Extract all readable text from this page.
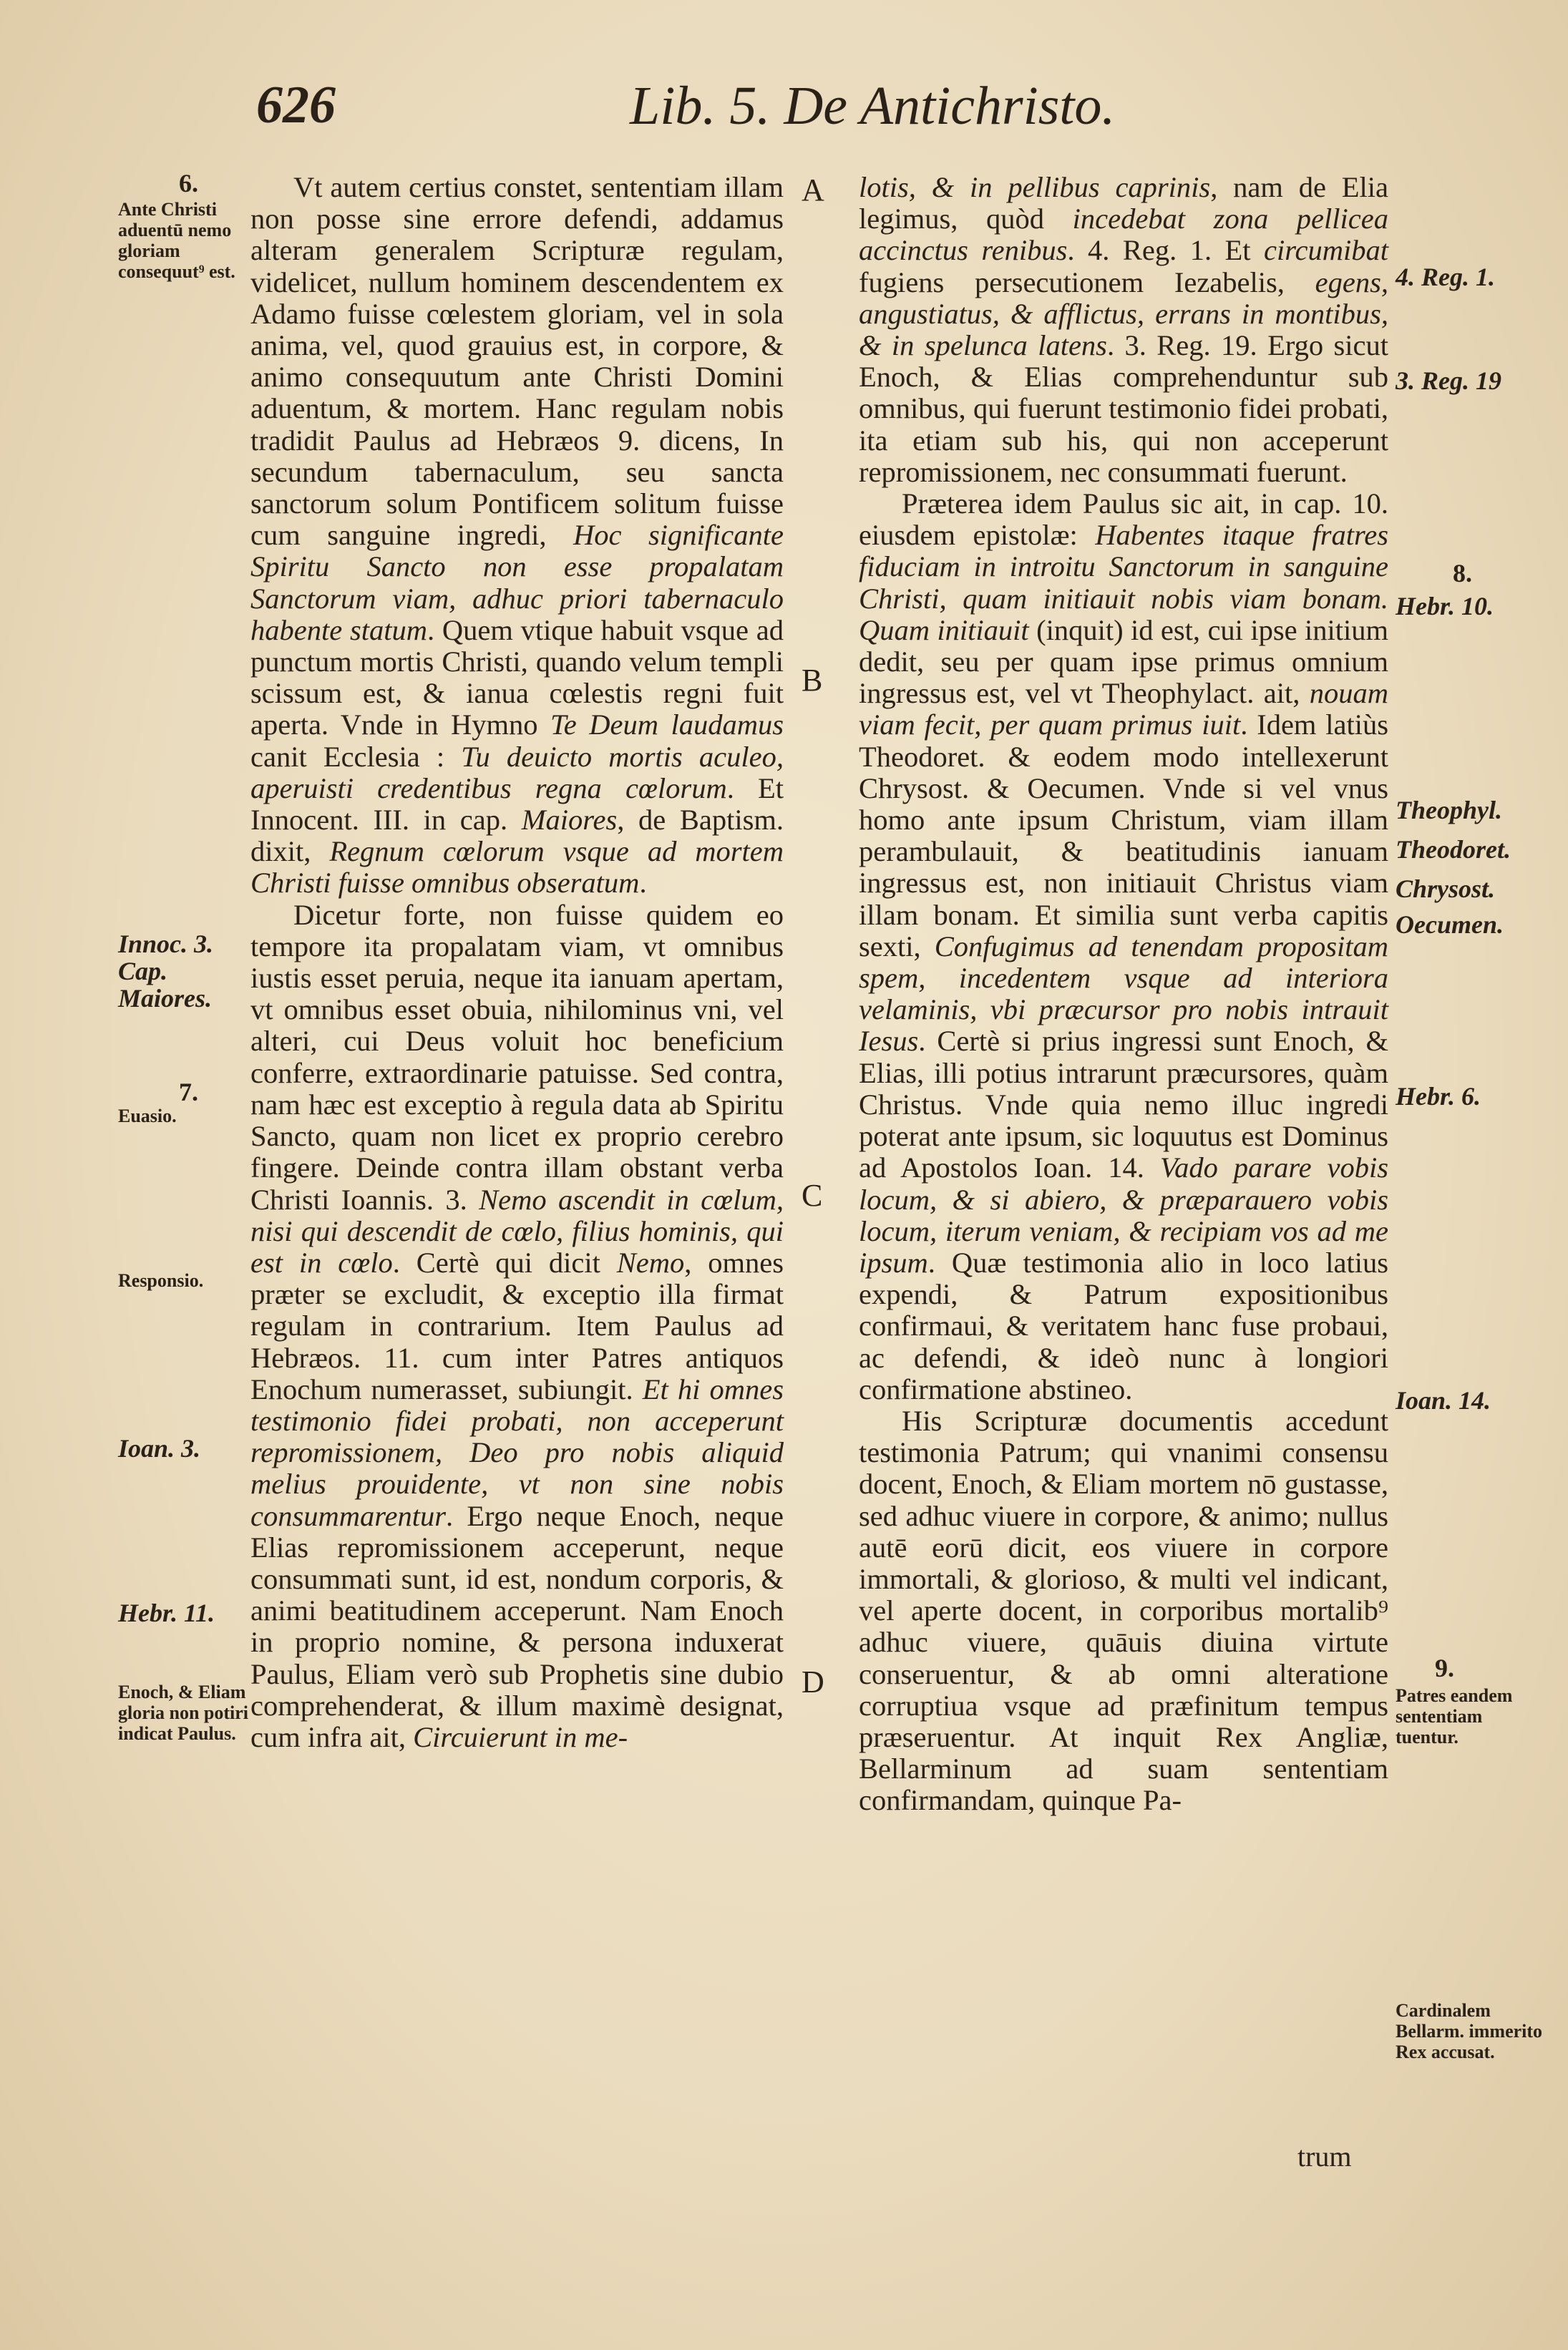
626	Lib. 5. De Antichristo.
A
B
C
D

Vt autem certius constet, sententiam illam non posse sine errore defendi, addamus alteram generalem Scripturæ regulam, videlicet, nullum hominem descendentem ex Adamo fuisse cœlestem gloriam, vel in sola anima, vel, quod grauius est, in corpore, & animo consequutum ante Christi Domini aduentum, & mortem. Hanc regulam nobis tradidit Paulus ad Hebræos 9. dicens, In secundum tabernaculum, seu sancta sanctorum solum Pontificem solitum fuisse cum sanguine ingredi, Hoc significante Spiritu Sancto non esse propalatam Sanctorum viam, adhuc priori tabernaculo habente statum. Quem vtique habuit vsque ad punctum mortis Christi, quando velum templi scissum est, & ianua cœlestis regni fuit aperta. Vnde in Hymno Te Deum laudamus canit Ecclesia : Tu deuicto mortis aculeo, aperuisti credentibus regna cœlorum. Et Innocent. III. in cap. Maiores, de Baptism. dixit, Regnum cœlorum vsque ad mortem Christi fuisse omnibus obseratum.

Dicetur forte, non fuisse quidem eo tempore ita propalatam viam, vt omnibus iustis esset peruia, neque ita ianuam apertam, vt omnibus esset obuia, nihilominus vni, vel alteri, cui Deus voluit hoc beneficium conferre, extraordinarie patuisse. Sed contra, nam hæc est exceptio à regula data ab Spiritu Sancto, quam non licet ex proprio cerebro fingere. Deinde contra illam obstant verba Christi Ioannis. 3. Nemo ascendit in cœlum, nisi qui descendit de cœlo, filius hominis, qui est in cœlo. Certè qui dicit Nemo, omnes præter se excludit, & exceptio illa firmat regulam in contrarium. Item Paulus ad Hebræos. 11. cum inter Patres antiquos Enochum numerasset, subiungit. Et hi omnes testimonio fidei probati, non acceperunt repromissionem, Deo pro nobis aliquid melius prouidente, vt non sine nobis consummarentur. Ergo neque Enoch, neque Elias repromissionem acceperunt, neque consummati sunt, id est, nondum corporis, & animi beatitudinem acceperunt. Nam Enoch in proprio nomine, & persona induxerat Paulus, Eliam verò sub Prophetis sine dubio comprehenderat, & illum maximè designat, cum infra ait, Circuierunt in me-

lotis, & in pellibus caprinis, nam de Elia legimus, quòd incedebat zona pellicea accinctus renibus. 4. Reg. 1. Et circumibat fugiens persecutionem Iezabelis, egens, angustiatus, & afflictus, errans in montibus, & in spelunca latens. 3. Reg. 19. Ergo sicut Enoch, & Elias comprehenduntur sub omnibus, qui fuerunt testimonio fidei probati, ita etiam sub his, qui non acceperunt repromissionem, nec consummati fuerunt.

Præterea idem Paulus sic ait, in cap. 10. eiusdem epistolæ: Habentes itaque fratres fiduciam in introitu Sanctorum in sanguine Christi, quam initiauit nobis viam bonam. Quam initiauit (inquit) id est, cui ipse initium dedit, seu per quam ipse primus omnium ingressus est, vel vt Theophylact. ait, nouam viam fecit, per quam primus iuit. Idem latiùs Theodoret. & eodem modo intellexerunt Chrysost. & Oecumen. Vnde si vel vnus homo ante ipsum Christum, viam illam perambulauit, & beatitudinis ianuam ingressus est, non initiauit Christus viam illam bonam. Et similia sunt verba capitis sexti, Confugimus ad tenendam propositam spem, incedentem vsque ad interiora velaminis, vbi præcursor pro nobis intrauit Iesus. Certè si prius ingressi sunt Enoch, & Elias, illi potius intrarunt præcursores, quàm Christus. Vnde quia nemo illuc ingredi poterat ante ipsum, sic loquutus est Dominus ad Apostolos Ioan. 14. Vado parare vobis locum, & si abiero, & præparauero vobis locum, iterum veniam, & recipiam vos ad me ipsum. Quæ testimonia alio in loco latius expendi, & Patrum expositionibus confirmaui, & veritatem hanc fuse probaui, ac defendi, & ideò nunc à longiori confirmatione abstineo.

His Scripturæ documentis accedunt testimonia Patrum; qui vnanimi consensu docent, Enoch, & Eliam mortem nō gustasse, sed adhuc viuere in corpore, & animo; nullus autē eorū dicit, eos viuere in corpore immortali, & glorioso, & multi vel indicant, vel aperte docent, in corporibus mortalib⁹ adhuc viuere, quāuis diuina virtute conseruentur, & ab omni alteratione corruptiua vsque ad præfinitum tempus præseruentur. At inquit Rex Angliæ, Bellarminum ad suam sententiam confirmandam, quinque Pa-

trum
6.
Ante Christi aduentū nemo gloriam consequut⁹ est.
Innoc. 3. Cap. Maiores.
7.
Euasio.
Responsio.
Ioan. 3.
Hebr. 11.
Enoch, & Eliam gloria non potiri indicat Paulus.
4. Reg. 1.
3. Reg. 19
8.
Hebr. 10.
Theophyl.
Theodoret.
Chrysost.
Oecumen.
Hebr. 6.
Ioan. 14.
9.
Patres eandem sententiam tuentur.
Cardinalem Bellarm. immerito Rex accusat.
